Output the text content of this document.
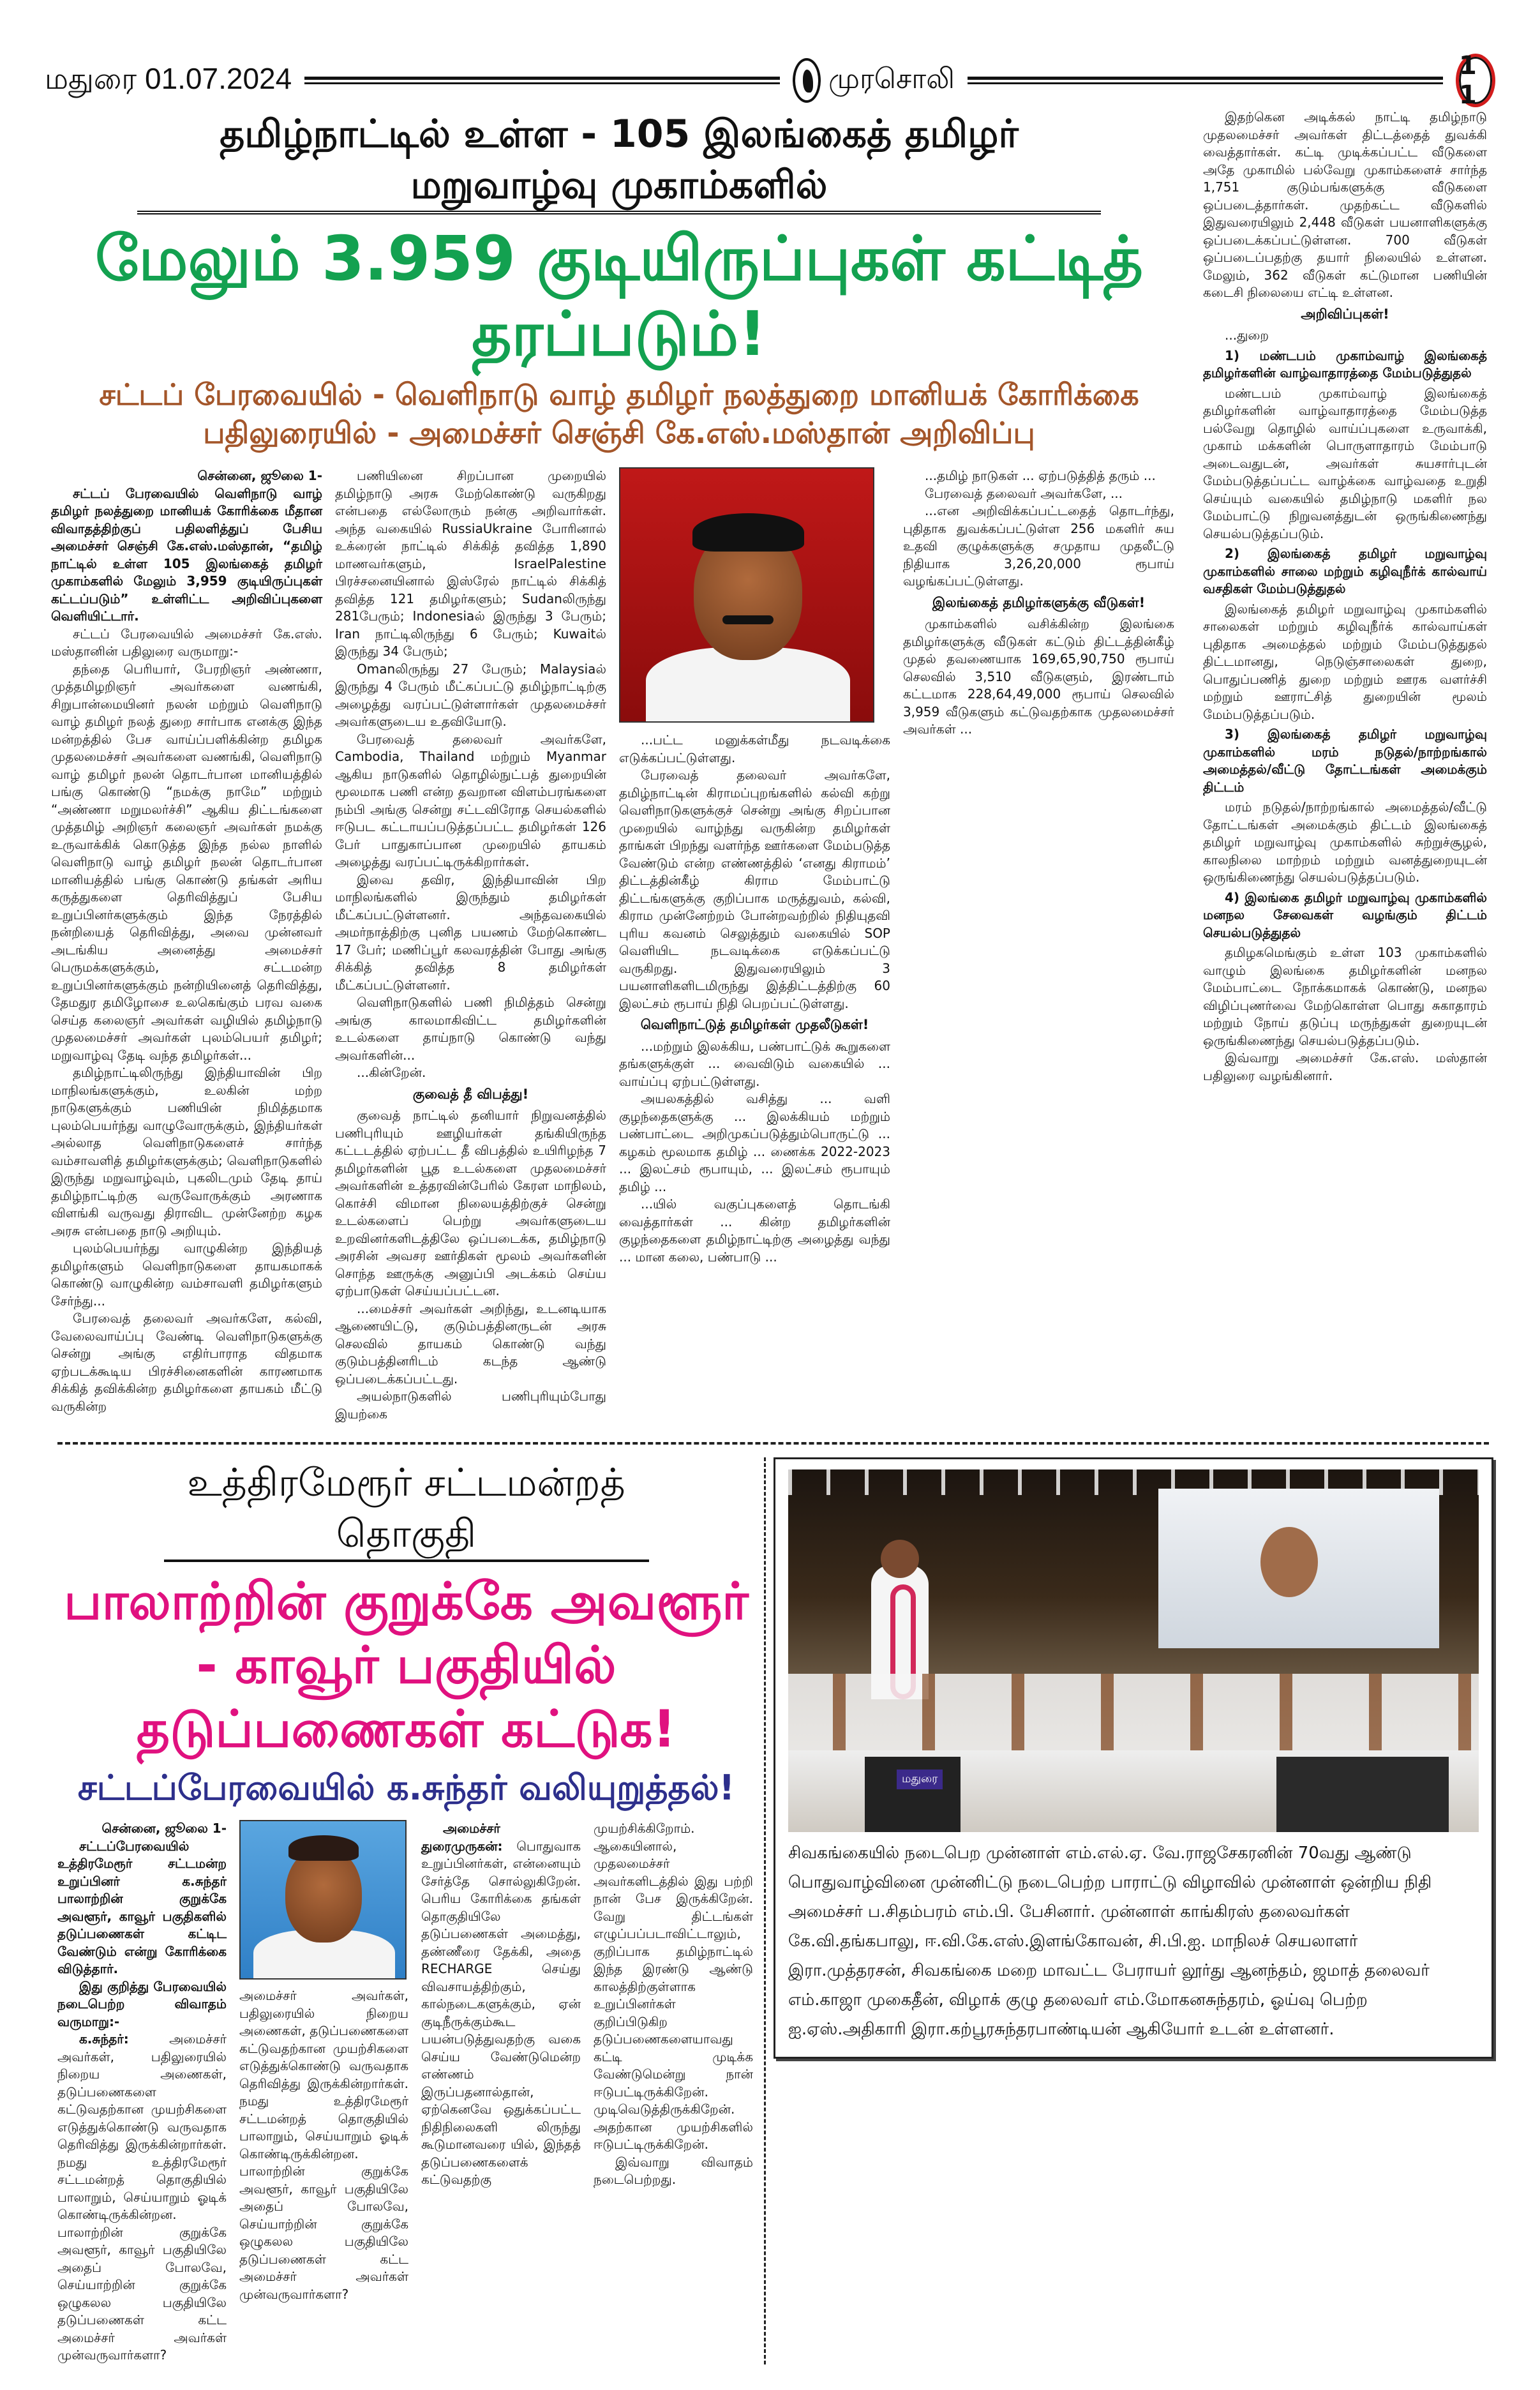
மதுரை 01.07.2024	முரசொலி	11
தமிழ்நாட்டில் உள்ள - 105 இலங்கைத் தமிழர் மறுவாழ்வு முகாம்களில்
மேலும் 3.959 குடியிருப்புகள் கட்டித் தரப்படும்!
சட்டப் பேரவையில் - வெளிநாடு வாழ் தமிழர் நலத்துறை மானியக் கோரிக்கை பதிலுரையில் - அமைச்சர் செஞ்சி கே.எஸ்.மஸ்தான் அறிவிப்பு

சென்னை, ஜூலை 1-

சட்டப் பேரவையில் வெளிநாடு வாழ் தமிழர் நலத்துறை மானியக் கோரிக்கை மீதான விவாதத்திற்குப் பதிலளித்துப் பேசிய அமைச்சர் செஞ்சி கே.எஸ்.மஸ்தான், “தமிழ் நாட்டில் உள்ள 105 இலங்கைத் தமிழர் முகாம்களில் மேலும் 3,959 குடியிருப்புகள் கட்டப்படும்” உள்ளிட்ட அறிவிப்புகளை வெளியிட்டார்.

சட்டப் பேரவையில் அமைச்சர் கே.எஸ். மஸ்தானின் பதிலுரை வருமாறு:-

தந்தை பெரியார், பேரறிஞர் அண்ணா, முத்தமிழறிஞர் அவர்களை வணங்கி, சிறுபான்மையினர் நலன் மற்றும் வெளிநாடு வாழ் தமிழர் நலத் துறை சார்பாக எனக்கு இந்த மன்றத்தில் பேச வாய்ப்பளிக்கின்ற தமிழக முதலமைச்சர் அவர்களை வணங்கி, வெளிநாடு வாழ் தமிழர் நலன் தொடர்பான மானியத்தில் பங்கு கொண்டு “நமக்கு நாமே” மற்றும் “அண்ணா மறுமலர்ச்சி” ஆகிய திட்டங்களை முத்தமிழ் அறிஞர் கலைஞர் அவர்கள் நமக்கு உருவாக்கிக் கொடுத்த இந்த நல்ல நாளில் வெளிநாடு வாழ் தமிழர் நலன் தொடர்பான மானியத்தில் பங்கு கொண்டு தங்கள் அரிய கருத்துகளை தெரிவித்துப் பேசிய உறுப்பினர்களுக்கும் இந்த நேரத்தில் நன்றியைத் தெரிவித்து, அவை முன்னவர் அடங்கிய அனைத்து அமைச்சர் பெருமக்களுக்கும், சட்டமன்ற உறுப்பினர்களுக்கும் நன்றியினைத் தெரிவித்து, தேமதுர தமிழோசை உலகெங்கும் பரவ வகை செய்த கலைஞர் அவர்கள் வழியில் தமிழ்நாடு முதலமைச்சர் அவர்கள் புலம்பெயர் தமிழர்; மறுவாழ்வு தேடி வந்த தமிழர்கள்...

தமிழ்நாட்டிலிருந்து இந்தியாவின் பிற மாநிலங்களுக்கும், உலகின் மற்ற நாடுகளுக்கும் பணியின் நிமித்தமாக புலம்பெயர்ந்து வாழுவோருக்கும், இந்தியர்கள் அல்லாத வெளிநாடுகளைச் சார்ந்த வம்சாவளித் தமிழர்களுக்கும்; வெளிநாடுகளில் இருந்து மறுவாழ்வும், புகலிடமும் தேடி தாய் தமிழ்நாட்டிற்கு வருவோருக்கும் அரணாக விளங்கி வருவது திராவிட முன்னேற்ற கழக அரசு என்பதை நாடு அறியும்.

புலம்பெயர்ந்து வாழுகின்ற இந்தியத் தமிழர்களும் வெளிநாடுகளை தாயகமாகக் கொண்டு வாழுகின்ற வம்சாவளி தமிழர்களும் சேர்ந்து...

பேரவைத் தலைவர் அவர்களே, கல்வி, வேலைவாய்ப்பு வேண்டி வெளிநாடுகளுக்கு சென்று அங்கு எதிர்பாராத விதமாக ஏற்படக்கூடிய பிரச்சினைகளின் காரணமாக சிக்கித் தவிக்கின்ற தமிழர்களை தாயகம் மீட்டு வருகின்ற

பணியினை சிறப்பான முறையில் தமிழ்நாடு அரசு மேற்கொண்டு வருகிறது என்பதை எல்லோரும் நன்கு அறிவார்கள். அந்த வகையில் RussiaUkraine போரினால் உக்ரைன் நாட்டில் சிக்கித் தவித்த 1,890 மாணவர்களும், IsraelPalestine பிரச்சனையினால் இஸ்ரேல் நாட்டில் சிக்கித் தவித்த 121 தமிழர்களும்; Sudanலிருந்து 281பேரும்; Indonesiaல் இருந்து 3 பேரும்; Iran நாட்டிலிருந்து 6 பேரும்; Kuwaitல் இருந்து 34 பேரும்;

Omanலிருந்து 27 பேரும்; Malaysiaல் இருந்து 4 பேரும் மீட்கப்பட்டு தமிழ்நாட்டிற்கு அழைத்து வரப்பட்டுள்ளார்கள் முதலமைச்சர் அவர்களுடைய உதவியோடு.

பேரவைத் தலைவர் அவர்களே, Cambodia, Thailand மற்றும் Myanmar ஆகிய நாடுகளில் தொழில்நுட்பத் துறையின் மூலமாக பணி என்ற தவறான விளம்பரங்களை நம்பி அங்கு சென்று சட்டவிரோத செயல்களில் ஈடுபட கட்டாயப்படுத்தப்பட்ட தமிழர்கள் 126 பேர் பாதுகாப்பான முறையில் தாயகம் அழைத்து வரப்பட்டிருக்கிறார்கள்.

இவை தவிர, இந்தியாவின் பிற மாநிலங்களில் இருந்தும் தமிழர்கள் மீட்கப்பட்டுள்ளனர். அந்தவகையில் அமர்நாத்திற்கு புனித பயணம் மேற்கொண்ட 17 பேர்; மணிப்பூர் கலவரத்தின் போது அங்கு சிக்கித் தவித்த 8 தமிழர்கள் மீட்கப்பட்டுள்ளனர்.

வெளிநாடுகளில் பணி நிமித்தம் சென்று அங்கு காலமாகிவிட்ட தமிழர்களின் உடல்களை தாய்நாடு கொண்டு வந்து அவர்களின்...

...கின்றேன்.

குவைத் தீ விபத்து!

குவைத் நாட்டில் தனியார் நிறுவனத்தில் பணிபுரியும் ஊழியர்கள் தங்கியிருந்த கட்டடத்தில் ஏற்பட்ட தீ விபத்தில் உயிரிழந்த 7 தமிழர்களின் பூத உடல்களை முதலமைச்சர் அவர்களின் உத்தரவின்பேரில் கேரள மாநிலம், கொச்சி விமான நிலையத்திற்குச் சென்று உடல்களைப் பெற்று அவர்களுடைய உறவினர்களிடத்திலே ஒப்படைக்க, தமிழ்நாடு அரசின் அவசர ஊர்திகள் மூலம் அவர்களின் சொந்த ஊருக்கு அனுப்பி அடக்கம் செய்ய ஏற்பாடுகள் செய்யப்பட்டன.

...மைச்சர் அவர்கள் அறிந்து, உடனடியாக ஆணையிட்டு, குடும்பத்தினருடன் அரசு செலவில் தாயகம் கொண்டு வந்து குடும்பத்தினரிடம் கடந்த ஆண்டு ஒப்படைக்கப்பட்டது.

அயல்நாடுகளில் பணிபுரியும்போது இயற்கை

...பட்ட மனுக்கள்மீது நடவடிக்கை எடுக்கப்பட்டுள்ளது.

பேரவைத் தலைவர் அவர்களே, தமிழ்நாட்டின் கிராமப்புறங்களில் கல்வி கற்று வெளிநாடுகளுக்குச் சென்று அங்கு சிறப்பான முறையில் வாழ்ந்து வருகின்ற தமிழர்கள் தாங்கள் பிறந்து வளர்ந்த ஊர்களை மேம்படுத்த வேண்டும் என்ற எண்ணத்தில் ‘எனது கிராமம்’ திட்டத்தின்கீழ் கிராம மேம்பாட்டு திட்டங்களுக்கு குறிப்பாக மருத்துவம், கல்வி, கிராம முன்னேற்றம் போன்றவற்றில் நிதியுதவி புரிய கவனம் செலுத்தும் வகையில் SOP வெளியிட நடவடிக்கை எடுக்கப்பட்டு வருகிறது. இதுவரையிலும் 3 பயனாளிகளிடமிருந்து இத்திட்டத்திற்கு 60 இலட்சம் ரூபாய் நிதி பெறப்பட்டுள்ளது.

வெளிநாட்டுத் தமிழர்கள் முதலீடுகள்!

...மற்றும் இலக்கிய, பண்பாட்டுக் கூறுகளை தங்களுக்குள் ... வைவிடும் வகையில் ... வாய்ப்பு ஏற்பட்டுள்ளது.

அயலகத்தில் வசித்து ... வளி குழந்தைகளுக்கு ... இலக்கியம் மற்றும் பண்பாட்டை அறிமுகப்படுத்தும்பொருட்டு ... கழகம் மூலமாக தமிழ் ... ணைக்க 2022-2023 ... இலட்சம் ரூபாயும், ... இலட்சம் ரூபாயும் தமிழ் ...

...யில் வகுப்புகளைத் தொடங்கி வைத்தார்கள் ... கின்ற தமிழர்களின் குழந்தைகளை தமிழ்நாட்டிற்கு அழைத்து வந்து ... மான கலை, பண்பாடு ...

...தமிழ் நாடுகள் ... ஏற்படுத்தித் தரும் ...

பேரவைத் தலைவர் அவர்களே, ...

...என அறிவிக்கப்பட்டதைத் தொடர்ந்து, புதிதாக துவக்கப்பட்டுள்ள 256 மகளிர் சுய உதவி குழுக்களுக்கு சமுதாய முதலீட்டு நிதியாக 3,26,20,000 ரூபாய் வழங்கப்பட்டுள்ளது.

இலங்கைத் தமிழர்களுக்கு வீடுகள்!

முகாம்களில் வசிக்கின்ற இலங்கை தமிழர்களுக்கு வீடுகள் கட்டும் திட்டத்தின்கீழ் முதல் தவணையாக 169,65,90,750 ரூபாய் செலவில் 3,510 வீடுகளும், இரண்டாம் கட்டமாக 228,64,49,000 ரூபாய் செலவில் 3,959 வீடுகளும் கட்டுவதற்காக முதலமைச்சர் அவர்கள் ...

இதற்கென அடிக்கல் நாட்டி தமிழ்நாடு முதலமைச்சர் அவர்கள் திட்டத்தைத் துவக்கி வைத்தார்கள். கட்டி முடிக்கப்பட்ட வீடுகளை அதே முகாமில் பல்வேறு முகாம்களைச் சார்ந்த 1,751 குடும்பங்களுக்கு வீடுகளை ஒப்படைத்தார்கள். முதற்கட்ட வீடுகளில் இதுவரையிலும் 2,448 வீடுகள் பயனாளிகளுக்கு ஒப்படைக்கப்பட்டுள்ளன. 700 வீடுகள் ஒப்படைப்பதற்கு தயார் நிலையில் உள்ளன. மேலும், 362 வீடுகள் கட்டுமான பணியின் கடைசி நிலையை எட்டி உள்ளன.

அறிவிப்புகள்!

...துறை

1) மண்டபம் முகாம்வாழ் இலங்கைத் தமிழர்களின் வாழ்வாதாரத்தை மேம்படுத்துதல்

மண்டபம் முகாம்வாழ் இலங்கைத் தமிழர்களின் வாழ்வாதாரத்தை மேம்படுத்த பல்வேறு தொழில் வாய்ப்புகளை உருவாக்கி, முகாம் மக்களின் பொருளாதாரம் மேம்பாடு அடைவதுடன், அவர்கள் சுயசார்புடன் மேம்படுத்தப்பட்ட வாழ்க்கை வாழ்வதை உறுதி செய்யும் வகையில் தமிழ்நாடு மகளிர் நல மேம்பாட்டு நிறுவனத்துடன் ஒருங்கிணைந்து செயல்படுத்தப்படும்.

2) இலங்கைத் தமிழர் மறுவாழ்வு முகாம்களில் சாலை மற்றும் கழிவுநீர்க் கால்வாய் வசதிகள் மேம்படுத்துதல்

இலங்கைத் தமிழர் மறுவாழ்வு முகாம்களில் சாலைகள் மற்றும் கழிவுநீர்க் கால்வாய்கள் புதிதாக அமைத்தல் மற்றும் மேம்படுத்துதல் திட்டமானது, நெடுஞ்சாலைகள் துறை, பொதுப்பணித் துறை மற்றும் ஊரக வளர்ச்சி மற்றும் ஊராட்சித் துறையின் மூலம் மேம்படுத்தப்படும்.

3) இலங்கைத் தமிழர் மறுவாழ்வு முகாம்களில் மரம் நடுதல்/நாற்றங்கால் அமைத்தல்/வீட்டு தோட்டங்கள் அமைக்கும் திட்டம்

மரம் நடுதல்/நாற்றங்கால் அமைத்தல்/வீட்டு தோட்டங்கள் அமைக்கும் திட்டம் இலங்கைத் தமிழர் மறுவாழ்வு முகாம்களில் சுற்றுச்சூழல், காலநிலை மாற்றம் மற்றும் வனத்துறையுடன் ஒருங்கிணைந்து செயல்படுத்தப்படும்.

4) இலங்கை தமிழர் மறுவாழ்வு முகாம்களில் மனநல சேவைகள் வழங்கும் திட்டம் செயல்படுத்துதல்

தமிழகமெங்கும் உள்ள 103 முகாம்களில் வாழும் இலங்கை தமிழர்களின் மனநல மேம்பாட்டை நோக்கமாகக் கொண்டு, மனநல விழிப்புணர்வை மேற்கொள்ள பொது சுகாதாரம் மற்றும் நோய் தடுப்பு மருந்துகள் துறையுடன் ஒருங்கிணைந்து செயல்படுத்தப்படும்.

இவ்வாறு அமைச்சர் கே.எஸ். மஸ்தான் பதிலுரை வழங்கினார்.

உத்திரமேரூர் சட்டமன்றத் தொகுதி
பாலாற்றின் குறுக்கே அவளூர் - காவூர் பகுதியில் தடுப்பணைகள் கட்டுக!
சட்டப்பேரவையில் க.சுந்தர் வலியுறுத்தல்!

சென்னை, ஜூலை 1-

சட்டப்பேரவையில் உத்திரமேரூர் சட்டமன்ற உறுப்பினர் க.சுந்தர் பாலாற்றின் குறுக்கே அவளூர், காவூர் பகுதிகளில் தடுப்பணைகள் கட்டிட வேண்டும் என்று கோரிக்கை விடுத்தார்.

இது குறித்து பேரவையில் நடைபெற்ற விவாதம் வருமாறு:-

க.சுந்தர்:	அமைச்சர் அவர்கள், பதிலுரையில் நிறைய அணைகள், தடுப்பணைகளை கட்டுவதற்கான முயற்சிகளை எடுத்துக்கொண்டு வருவதாக தெரிவித்து இருக்கின்றார்கள். நமது உத்திரமேரூர் சட்டமன்றத் தொகுதியில் பாலாறும், செய்யாறும் ஓடிக் கொண்டிருக்கின்றன. பாலாற்றின் குறுக்கே அவளூர், காவூர் பகுதியிலே அதைப் போலவே, செய்யாற்றின் குறுக்கே ஒழுகலல பகுதியிலே தடுப்பணைகள் கட்ட அமைச்சர் அவர்கள் முன்வருவார்களா?

அமைச்சர் அவர்கள், பதிலுரையில் நிறைய அணைகள், தடுப்பணைகளை கட்டுவதற்கான முயற்சிகளை எடுத்துக்கொண்டு வருவதாக தெரிவித்து இருக்கின்றார்கள். நமது உத்திரமேரூர் சட்டமன்றத் தொகுதியில் பாலாறும், செய்யாறும் ஓடிக் கொண்டிருக்கின்றன. பாலாற்றின் குறுக்கே அவளூர், காவூர் பகுதியிலே அதைப் போலவே, செய்யாற்றின் குறுக்கே ஒழுகலல பகுதியிலே தடுப்பணைகள் கட்ட அமைச்சர் அவர்கள் முன்வருவார்களா?

அமைச்சர் துரைமுருகன்: பொதுவாக உறுப்பினர்கள், என்னையும் சேர்த்தே சொல்லுகிறேன். பெரிய கோரிக்கை தங்கள் தொகுதியிலே தடுப்பணைகள் அமைத்து, தண்ணீரை தேக்கி, அதை RECHARGE செய்து விவசாயத்திற்கும், கால்நடைகளுக்கும், ஏன் குடிநீருக்கும்கூட பயன்படுத்துவதற்கு வகை செய்ய வேண்டுமென்ற எண்ணம் இருப்பதனால்தான், ஏற்கெனவே ஒதுக்கப்பட்ட நிதிநிலைகளி லிருந்து கூடுமானவரை யில், இந்தத் தடுப்பணைகளைக் கட்டுவதற்கு முயற்சிக்கிறோம். ஆகையினால், முதலமைச்சர் அவர்களிடத்தில் இது பற்றி நான் பேச இருக்கிறேன். வேறு திட்டங்கள் எழுப்பப்படாவிட்டாலும், குறிப்பாக தமிழ்நாட்டில் இந்த இரண்டு ஆண்டு காலத்திற்குள்ளாக உறுப்பினர்கள் குறிப்பிடுகிற தடுப்பணைகளையாவது கட்டி முடிக்க வேண்டுமென்று நான் ஈடுபட்டிருக்கிறேன். முடிவெடுத்திருக்கிறேன். அதற்கான முயற்சிகளில் ஈடுபட்டிருக்கிறேன்.

இவ்வாறு விவாதம் நடைபெற்றது.

மதுரை
சிவகங்கையில் நடைபெற முன்னாள் எம்.எல்.ஏ. வே.ராஜசேகரனின் 70வது ஆண்டு பொதுவாழ்வினை முன்னிட்டு நடைபெற்ற பாராட்டு விழாவில் முன்னாள் ஒன்றிய நிதி அமைச்சர் ப.சிதம்பரம் எம்.பி. பேசினார். முன்னாள் காங்கிரஸ் தலைவர்கள் கே.வி.தங்கபாலு, ஈ.வி.கே.எஸ்.இளங்கோவன், சி.பி.ஐ. மாநிலச் செயலாளர் இரா.முத்தரசன், சிவகங்கை மறை மாவட்ட பேராயர் லூர்து ஆனந்தம், ஜமாத் தலைவர் எம்.காஜா முகைதீன், விழாக் குழு தலைவர் எம்.மோகனசுந்தரம், ஓய்வு பெற்ற ஐ.ஏஸ்.அதிகாரி இரா.கற்பூரசுந்தரபாண்டியன் ஆகியோர் உடன் உள்ளனர்.
